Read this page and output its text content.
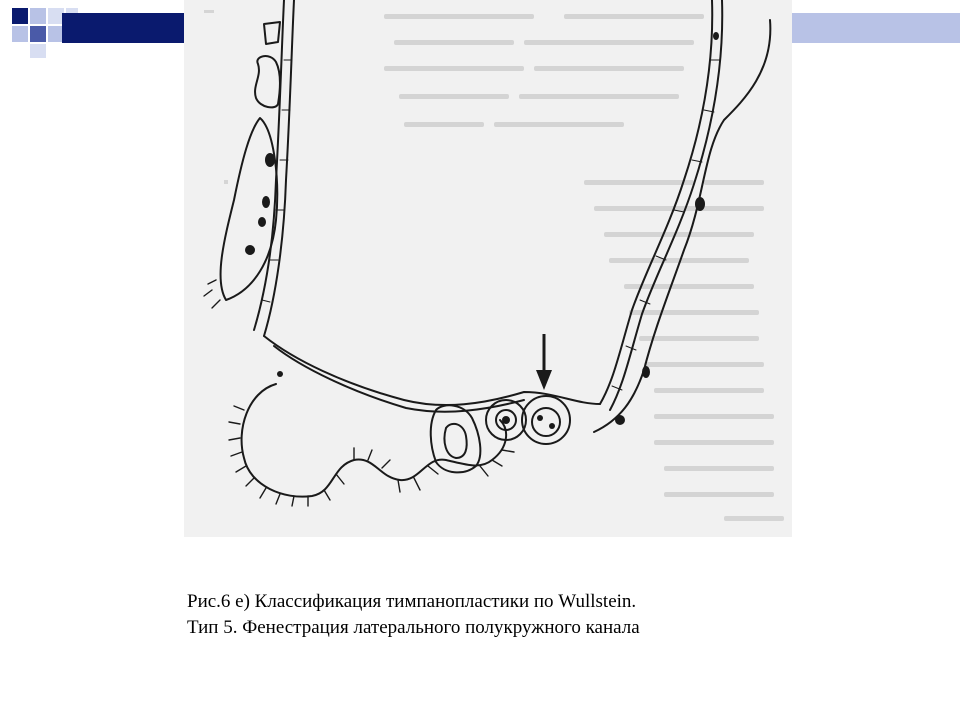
Рис.6 е) Классификация тимпанопластики по Wullstein.
Тип 5. Фенестрация латерального полукружного канала
